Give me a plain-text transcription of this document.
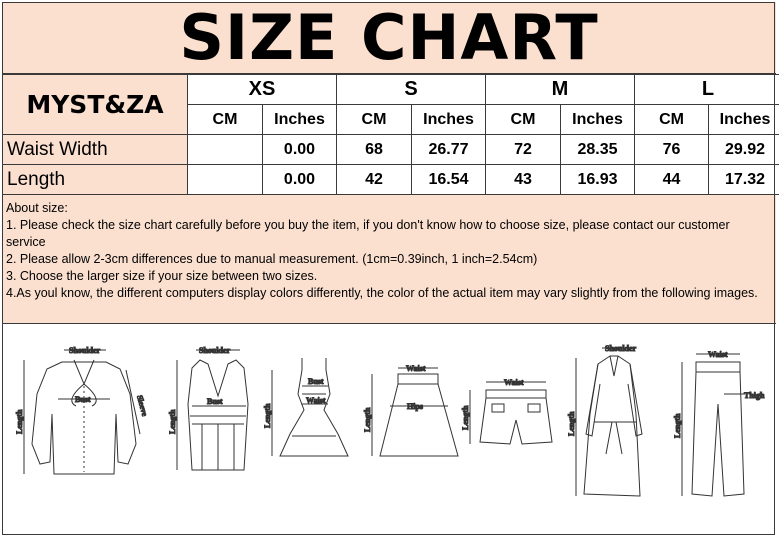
SIZE CHART
MYST&ZA	XS		S		M		L	
	CM	Inches	CM	Inches	CM	Inches	CM	Inches
Waist Width		0.00	68	26.77	72	28.35	76	29.92
Length		0.00	42	16.54	43	16.93	44	17.32

About size:

1. Please check the size chart carefully before you buy the item, if you don't know how to choose size, please contact our customer service

2. Please allow 2-3cm differences due to manual measurement. (1cm=0.39inch, 1 inch=2.54cm)

3. Choose the larger size if your size between two sizes.

4.As youl know, the different computers display colors differently, the color of the actual item may vary slightly from the following images.

Shoulder
Bust
Length
Sleeve
Shoulder
Bust
Length
Bust
Waist
Length
Waist
Hips
Length
Waist
Length
Shoulder
Length
Waist
Thigh
Length
